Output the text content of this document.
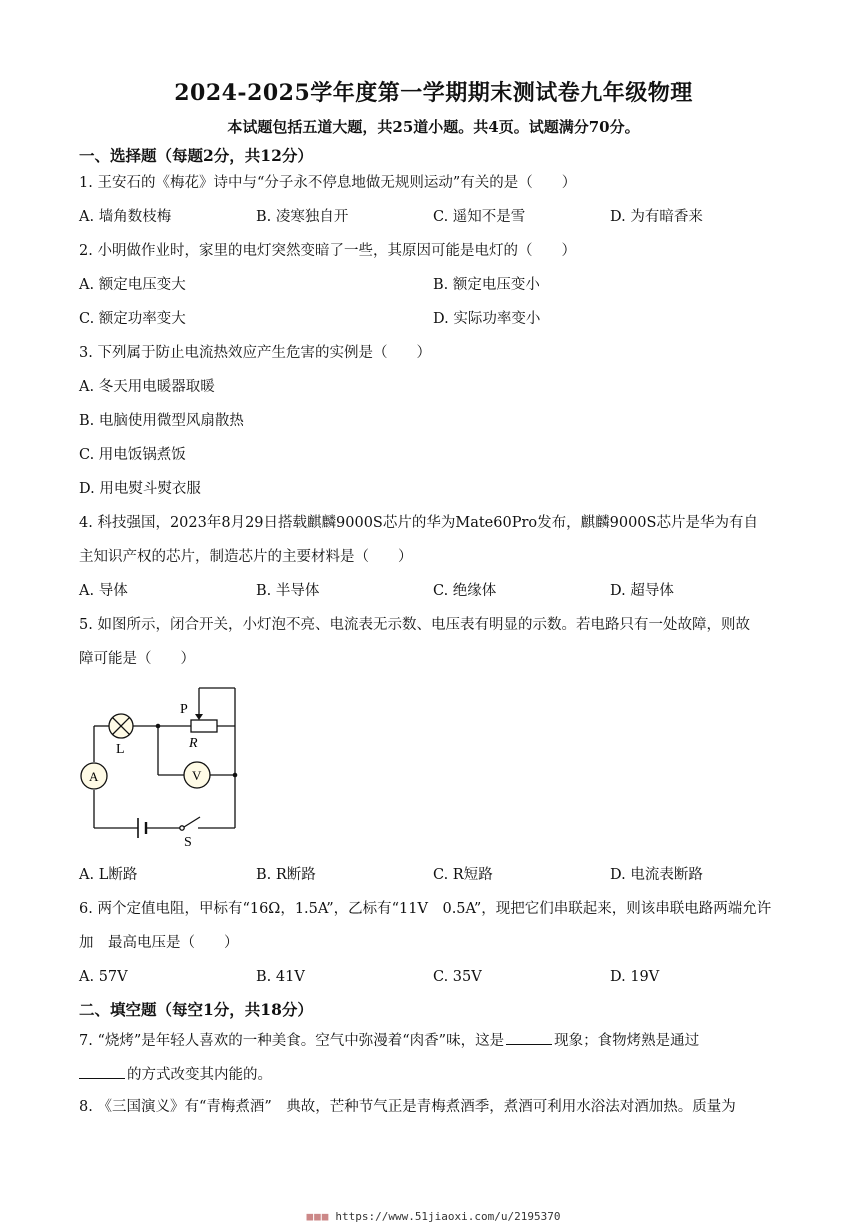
2024-2025学年度第一学期期末测试卷九年级物理
本试题包括五道大题，共25道小题。共4页。试题满分70分。
一、选择题（每题2分，共12分）
1. 王安石的《梅花》诗中与“分子永不停息地做无规则运动”有关的是（　　）
A. 墙角数枝梅	B. 凌寒独自开	C. 遥知不是雪	D. 为有暗香来
2. 小明做作业时，家里的电灯突然变暗了一些，其原因可能是电灯的（　　）
A. 额定电压变大	B. 额定电压变小
C. 额定功率变大	D. 实际功率变小
3. 下列属于防止电流热效应产生危害的实例是（　　）
A. 冬天用电暖器取暖
B. 电脑使用微型风扇散热
C. 用电饭锅煮饭
D. 用电熨斗熨衣服
4. 科技强国，2023年8月29日搭载麒麟9000S芯片的华为Mate60Pro发布，麒麟9000S芯片是华为有自
主知识产权的芯片，制造芯片的主要材料是（　　）
A. 导体	B. 半导体	C. 绝缘体	D. 超导体
5. 如图所示，闭合开关，小灯泡不亮、电流表无示数、电压表有明显的示数。若电路只有一处故障，则故
障可能是（　　）
P
R
L
A	V
S
A. L断路	B. R断路	C. R短路	D. 电流表断路
6. 两个定值电阻，甲标有“16Ω，1.5A”，乙标有“11V　0.5A”，现把它们串联起来，则该串联电路两端允许
加　最高电压是（　　）
A. 57V	B. 41V	C. 35V	D. 19V
二、填空题（每空1分，共18分）
7. “烧烤”是年轻人喜欢的一种美食。空气中弥漫着“肉香”味，这是	现象；食物烤熟是通过
的方式改变其内能的。
8. 《三国演义》有“青梅煮酒”　典故，芒种节气正是青梅煮酒季，煮酒可利用水浴法对酒加热。质量为
■■■ https://www.51jiaoxi.com/u/2195370
